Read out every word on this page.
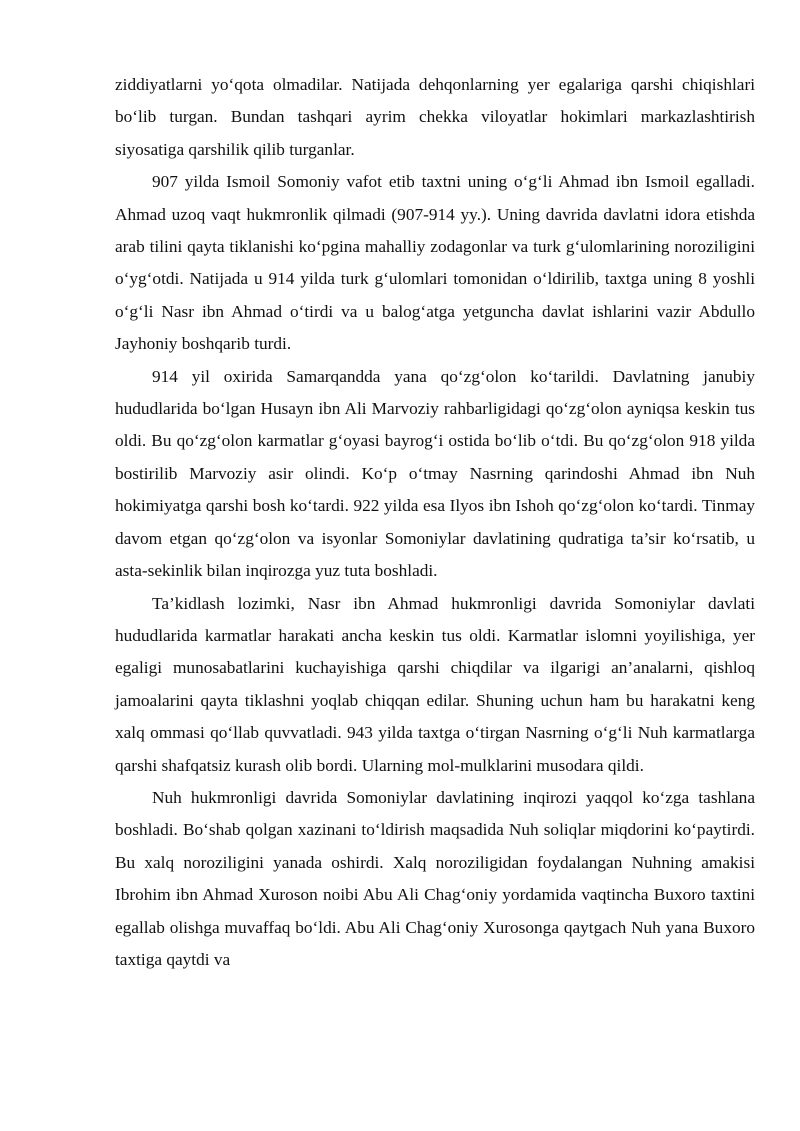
ziddiyatlarni yo‘qota olmadilar. Natijada dehqonlarning yer egalariga qarshi chiqishlari bo‘lib turgan. Bundan tashqari ayrim chekka viloyatlar hokimlari markazlashtirish siyosatiga qarshilik qilib turganlar.

907 yilda Ismoil Somoniy vafot etib taxtni uning o‘g‘li Ahmad ibn Ismoil egalladi. Ahmad uzoq vaqt hukmronlik qilmadi (907-914 yy.). Uning davrida davlatni idora etishda arab tilini qayta tiklanishi ko‘pgina mahalliy zodagonlar va turk g‘ulomlarining noroziligini o‘yg‘otdi. Natijada u 914 yilda turk g‘ulomlari tomonidan o‘ldirilib, taxtga uning 8 yoshli o‘g‘li Nasr ibn Ahmad o‘tirdi va u balog‘atga yetguncha davlat ishlarini vazir Abdullo Jayhoniy boshqarib turdi.

914 yil oxirida Samarqandda yana qo‘zg‘olon ko‘tarildi. Davlatning janubiy hududlarida bo‘lgan Husayn ibn Ali Marvoziy rahbarligidagi qo‘zg‘olon ayniqsa keskin tus oldi. Bu qo‘zg‘olon karmatlar g‘oyasi bayrog‘i ostida bo‘lib o‘tdi. Bu qo‘zg‘olon 918 yilda bostirilib Marvoziy asir olindi. Ko‘p o‘tmay Nasrning qarindoshi Ahmad ibn Nuh hokimiyatga qarshi bosh ko‘tardi. 922 yilda esa Ilyos ibn Ishoh qo‘zg‘olon ko‘tardi. Tinmay davom etgan qo‘zg‘olon va isyonlar Somoniylar davlatining qudratiga ta’sir ko‘rsatib, u asta-sekinlik bilan inqirozga yuz tuta boshladi.

Ta’kidlash lozimki, Nasr ibn Ahmad hukmronligi davrida Somoniylar davlati hududlarida karmatlar harakati ancha keskin tus oldi. Karmatlar islomni yoyilishiga, yer egaligi munosabatlarini kuchayishiga qarshi chiqdilar va ilgarigi an’analarni, qishloq jamoalarini qayta tiklashni yoqlab chiqqan edilar. Shuning uchun ham bu harakatni keng xalq ommasi qo‘llab quvvatladi. 943 yilda taxtga o‘tirgan Nasrning o‘g‘li Nuh karmatlarga qarshi shafqatsiz kurash olib bordi. Ularning mol-mulklarini musodara qildi.

Nuh hukmronligi davrida Somoniylar davlatining inqirozi yaqqol ko‘zga tashlana boshladi. Bo‘shab qolgan xazinani to‘ldirish maqsadida Nuh soliqlar miqdorini ko‘paytirdi. Bu xalq noroziligini yanada oshirdi. Xalq noroziligidan foydalangan Nuhning amakisi Ibrohim ibn Ahmad Xuroson noibi Abu Ali Chag‘oniy yordamida vaqtincha Buxoro taxtini egallab olishga muvaffaq bo‘ldi. Abu Ali Chag‘oniy Xurosonga qaytgach Nuh yana Buxoro taxtiga qaytdi va
